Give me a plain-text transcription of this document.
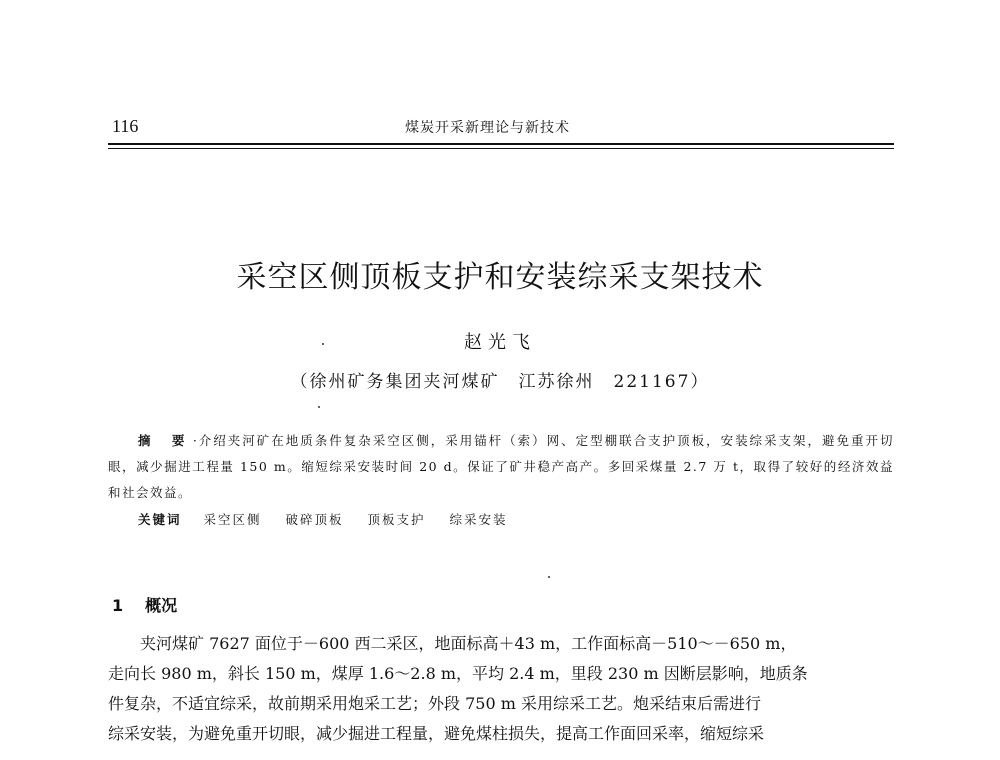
116	煤炭开采新理论与新技术
采空区侧顶板支护和安装综采支架技术
赵光飞
（徐州矿务集团夹河煤矿　江苏徐州　221167）
摘 要·介绍夹河矿在地质条件复杂采空区侧，采用锚杆（索）网、定型棚联合支护顶板，安装综采支架，避免重开切眼，减少掘进工程量 150 m。缩短综采安装时间 20 d。保证了矿井稳产高产。多回采煤量 2.7 万 t，取得了较好的经济效益和社会效益。
关键词 采空区侧 破碎顶板 顶板支护 综采安装
1 概况
夹河煤矿 7627 面位于－600 西二采区，地面标高＋43 m，工作面标高－510～－650 m，
走向长 980 m，斜长 150 m，煤厚 1.6～2.8 m，平均 2.4 m，里段 230 m 因断层影响，地质条
件复杂，不适宜综采，故前期采用炮采工艺；外段 750 m 采用综采工艺。炮采结束后需进行
综采安装，为避免重开切眼，减少掘进工程量，避免煤柱损失，提高工作面回采率，缩短综采
